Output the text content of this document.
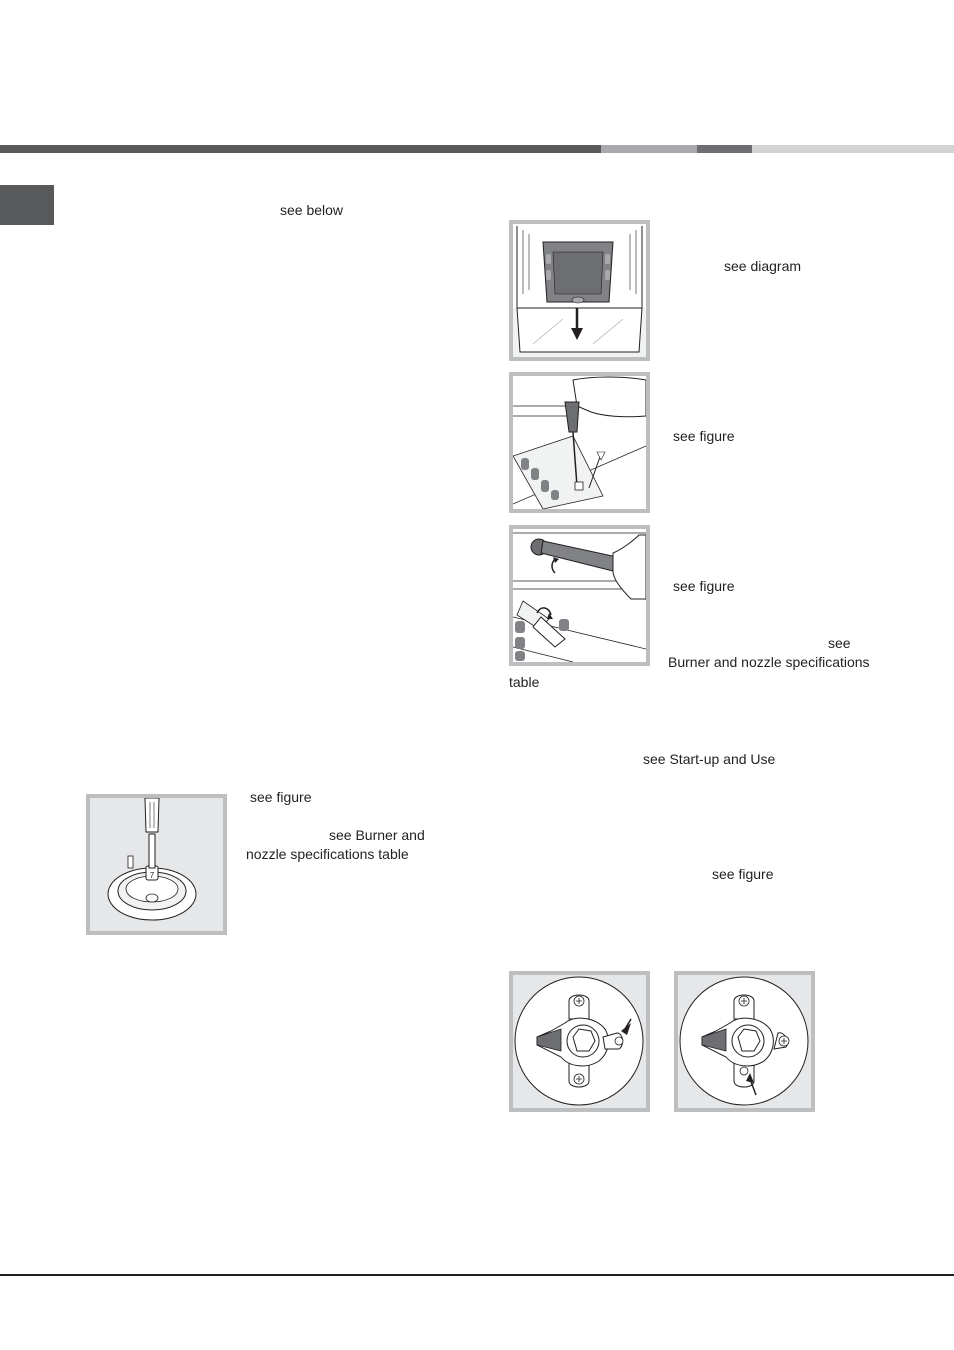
see below
7
see figure
see Burner and
nozzle specifications table
see diagram
see figure
see figure
see
Burner and nozzle specifications
table
see Start-up and Use
see figure
